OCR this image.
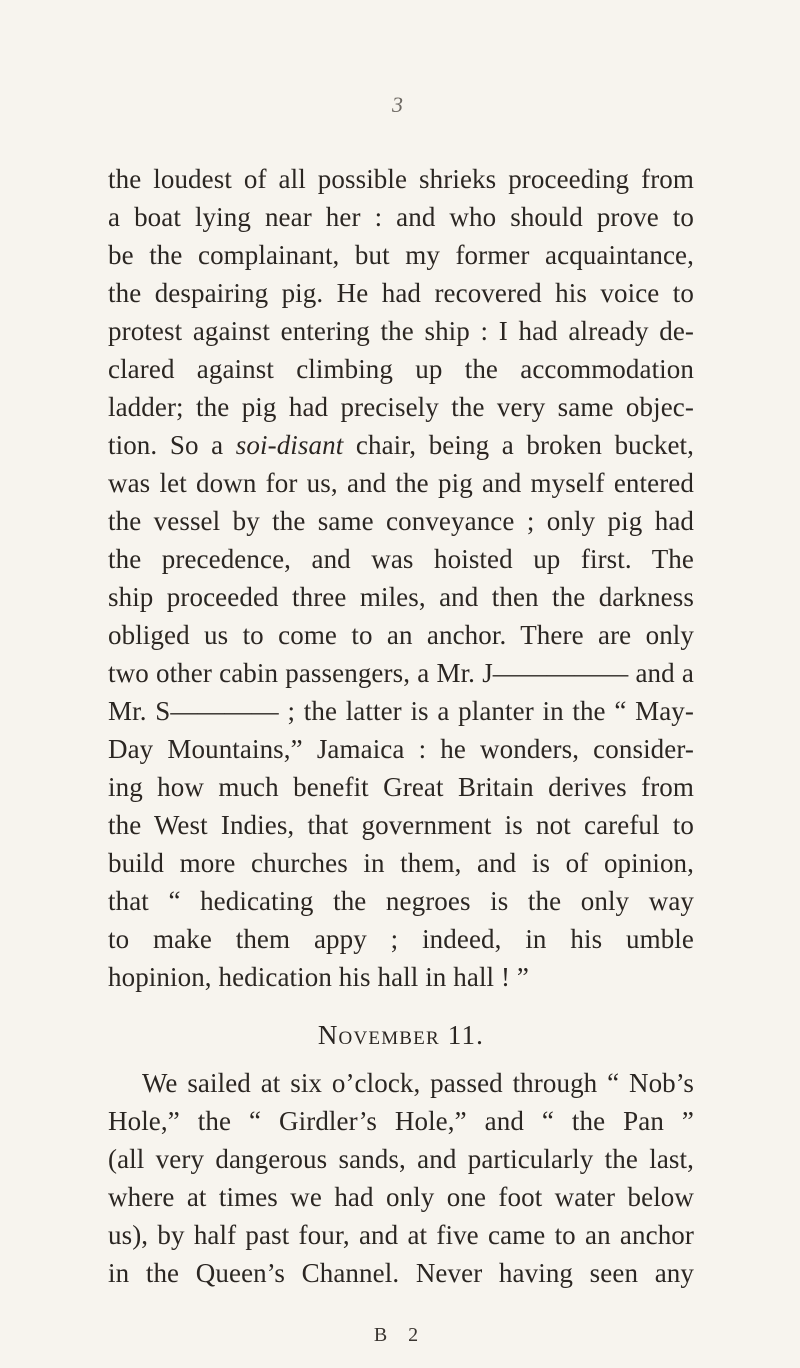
3
the loudest of all possible shrieks proceeding from
a boat lying near her : and who should prove to
be the complainant, but my former acquaintance,
the despairing pig. He had recovered his voice to
protest against entering the ship : I had already de-
clared against climbing up the accommodation
ladder; the pig had precisely the very same objec-
tion. So a soi-disant chair, being a broken bucket,
was let down for us, and the pig and myself entered
the vessel by the same conveyance ; only pig had
the precedence, and was hoisted up first. The
ship proceeded three miles, and then the darkness
obliged us to come to an anchor. There are only
two other cabin passengers, a Mr. J————— and a
Mr. S———— ; the latter is a planter in the “ May-
Day Mountains,” Jamaica : he wonders, consider-
ing how much benefit Great Britain derives from
the West Indies, that government is not careful to
build more churches in them, and is of opinion,
that “ hedicating the negroes is the only way
to make them appy ; indeed, in his umble
hopinion, hedication his hall in hall ! ”
November 11.
We sailed at six o’clock, passed through “ Nob’s
Hole,” the “ Girdler’s Hole,” and “ the Pan ”
(all very dangerous sands, and particularly the last,
where at times we had only one foot water below
us), by half past four, and at five came to an anchor
in the Queen’s Channel. Never having seen any
B 2
